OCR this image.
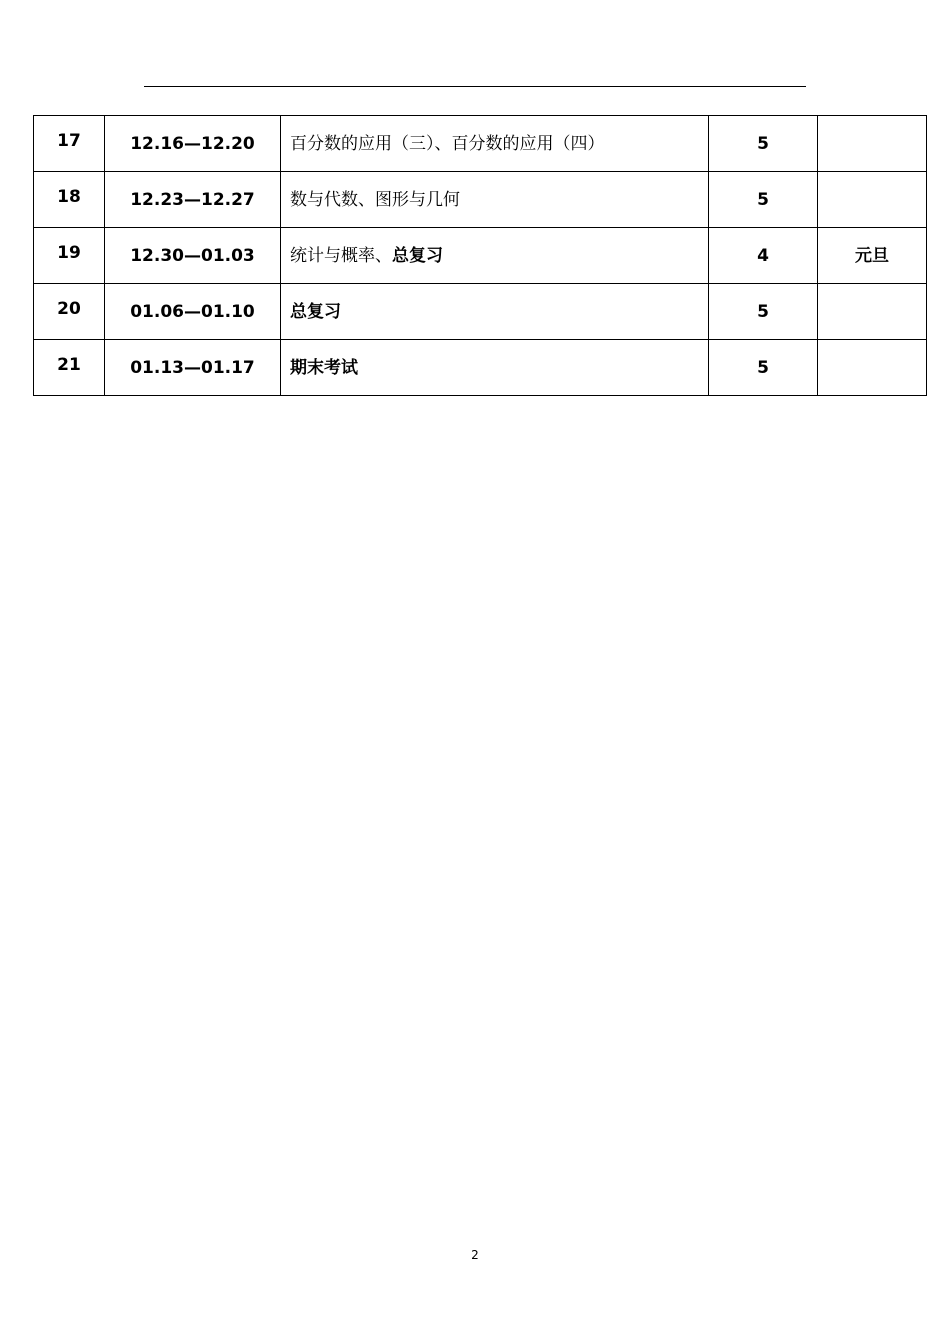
17	12.16—12.20	百分数的应用（三）、百分数的应用（四）	5	
18	12.23—12.27	数与代数、图形与几何	5	
19	12.30—01.03	统计与概率、总复习	4	元旦
20	01.06—01.10	总复习	5	
21	01.13—01.17	期末考试	5	
2
